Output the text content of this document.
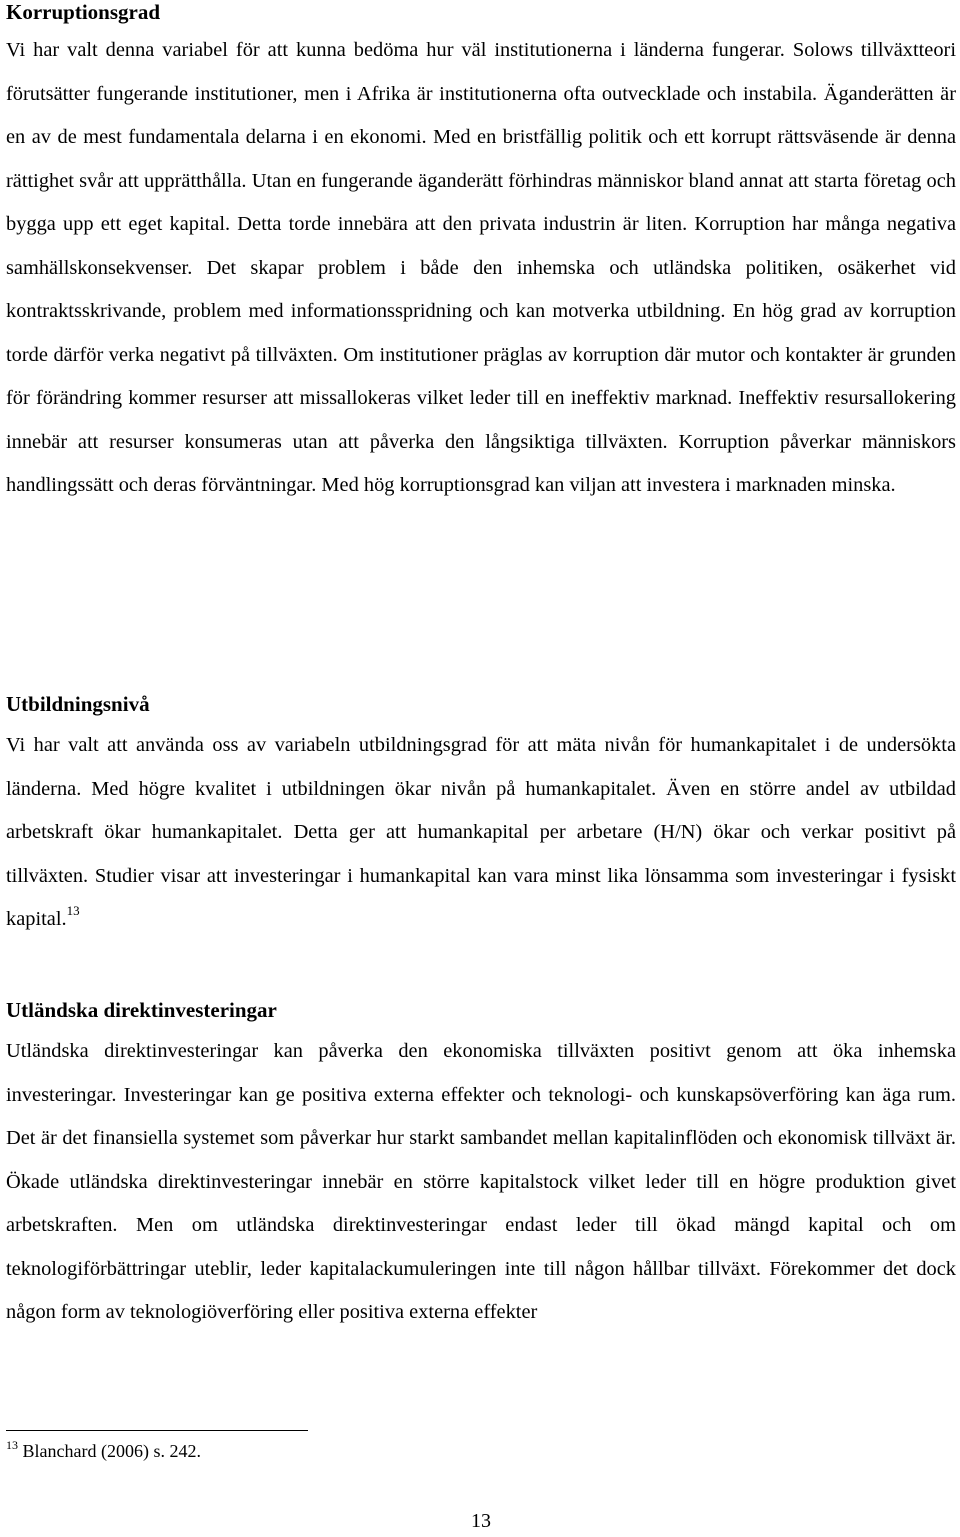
Korruptionsgrad

Vi har valt denna variabel för att kunna bedöma hur väl institutionerna i länderna fungerar. Solows tillväxtteori förutsätter fungerande institutioner, men i Afrika är institutionerna ofta outvecklade och instabila. Äganderätten är en av de mest fundamentala delarna i en ekonomi. Med en bristfällig politik och ett korrupt rättsväsende är denna rättighet svår att upprätthålla. Utan en fungerande äganderätt förhindras människor bland annat att starta företag och bygga upp ett eget kapital. Detta torde innebära att den privata industrin är liten. Korruption har många negativa samhällskonsekvenser. Det skapar problem i både den inhemska och utländska politiken, osäkerhet vid kontraktsskrivande, problem med informationsspridning och kan motverka utbildning. En hög grad av korruption torde därför verka negativt på tillväxten. Om institutioner präglas av korruption där mutor och kontakter är grunden för förändring kommer resurser att missallokeras vilket leder till en ineffektiv marknad. Ineffektiv resursallokering innebär att resurser konsumeras utan att påverka den långsiktiga tillväxten. Korruption påverkar människors handlingssätt och deras förväntningar. Med hög korruptionsgrad kan viljan att investera i marknaden minska.

Utbildningsnivå

Vi har valt att använda oss av variabeln utbildningsgrad för att mäta nivån för humankapitalet i de undersökta länderna. Med högre kvalitet i utbildningen ökar nivån på humankapitalet. Även en större andel av utbildad arbetskraft ökar humankapitalet. Detta ger att humankapital per arbetare (H/N) ökar och verkar positivt på tillväxten. Studier visar att investeringar i humankapital kan vara minst lika lönsamma som investeringar i fysiskt kapital.$^{13}$

Utländska direktinvesteringar

Utländska direktinvesteringar kan påverka den ekonomiska tillväxten positivt genom att öka inhemska investeringar. Investeringar kan ge positiva externa effekter och teknologi- och kunskapsöverföring kan äga rum. Det är det finansiella systemet som påverkar hur starkt sambandet mellan kapitalinflöden och ekonomisk tillväxt är. Ökade utländska direktinvesteringar innebär en större kapitalstock vilket leder till en högre produktion givet arbetskraften. Men om utländska direktinvesteringar endast leder till ökad mängd kapital och om teknologiförbättringar uteblir, leder kapitalackumuleringen inte till någon hållbar tillväxt. Förekommer det dock någon form av teknologiöverföring eller positiva externa effekter

$^{13}$ Blanchard (2006) s. 242.
13
